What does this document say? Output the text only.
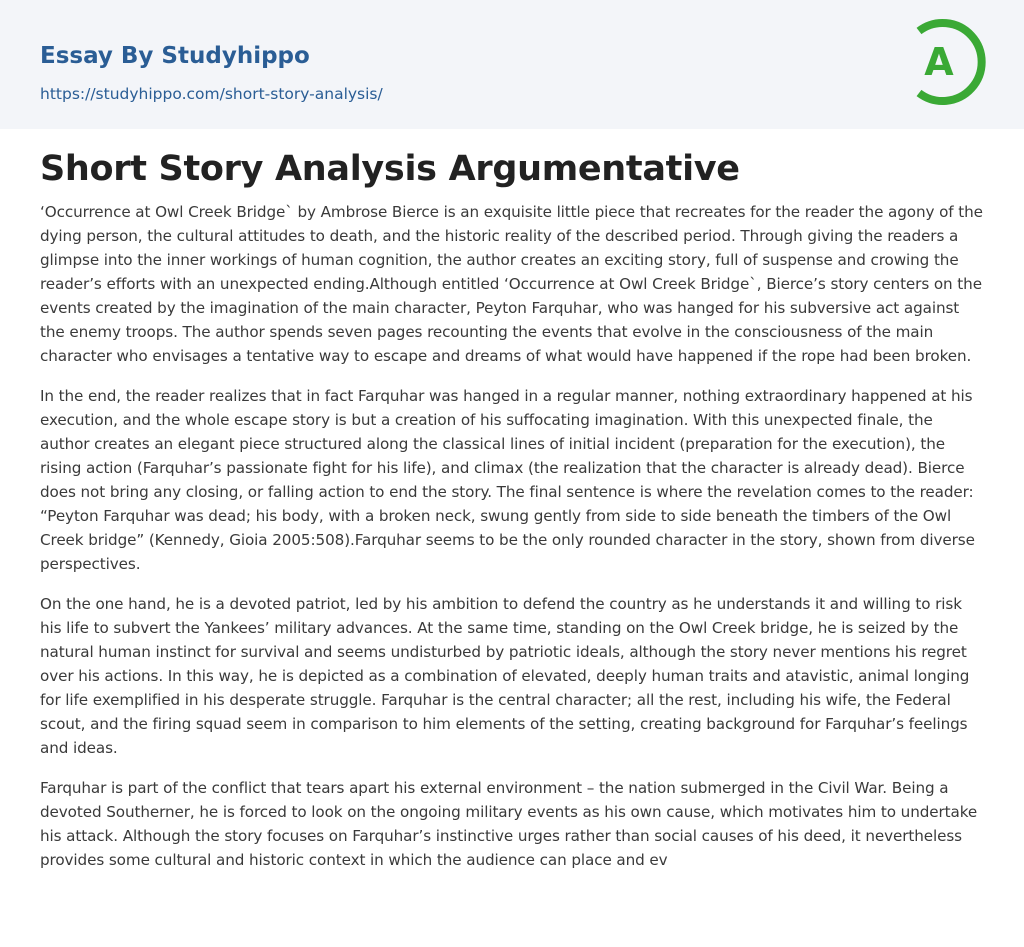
Essay By Studyhippo
https://studyhippo.com/short-story-analysis/
A
Short Story Analysis Argumentative

‘Occurrence at Owl Creek Bridge` by Ambrose Bierce is an exquisite little piece that recreates for the reader the agony of the dying person, the cultural attitudes to death, and the historic reality of the described period. Through giving the readers a glimpse into the inner workings of human cognition, the author creates an exciting story, full of suspense and crowing the reader’s efforts with an unexpected ending.Although entitled ‘Occurrence at Owl Creek Bridge`, Bierce’s story centers on the events created by the imagination of the main character, Peyton Farquhar, who was hanged for his subversive act against the enemy troops. The author spends seven pages recounting the events that evolve in the consciousness of the main character who envisages a tentative way to escape and dreams of what would have happened if the rope had been broken.

In the end, the reader realizes that in fact Farquhar was hanged in a regular manner, nothing extraordinary happened at his execution, and the whole escape story is but a creation of his suffocating imagination. With this unexpected finale, the author creates an elegant piece structured along the classical lines of initial incident (preparation for the execution), the rising action (Farquhar’s passionate fight for his life), and climax (the realization that the character is already dead). Bierce does not bring any closing, or falling action to end the story. The final sentence is where the revelation comes to the reader: “Peyton Farquhar was dead; his body, with a broken neck, swung gently from side to side beneath the timbers of the Owl Creek bridge” (Kennedy, Gioia 2005:508).Farquhar seems to be the only rounded character in the story, shown from diverse perspectives.

On the one hand, he is a devoted patriot, led by his ambition to defend the country as he understands it and willing to risk his life to subvert the Yankees’ military advances. At the same time, standing on the Owl Creek bridge, he is seized by the natural human instinct for survival and seems undisturbed by patriotic ideals, although the story never mentions his regret over his actions. In this way, he is depicted as a combination of elevated, deeply human traits and atavistic, animal longing for life exemplified in his desperate struggle. Farquhar is the central character; all the rest, including his wife, the Federal scout, and the firing squad seem in comparison to him elements of the setting, creating background for Farquhar’s feelings and ideas.

Farquhar is part of the conflict that tears apart his external environment – the nation submerged in the Civil War. Being a devoted Southerner, he is forced to look on the ongoing military events as his own cause, which motivates him to undertake his attack. Although the story focuses on Farquhar’s instinctive urges rather than social causes of his deed, it nevertheless provides some cultural and historic context in which the audience can place and ev
